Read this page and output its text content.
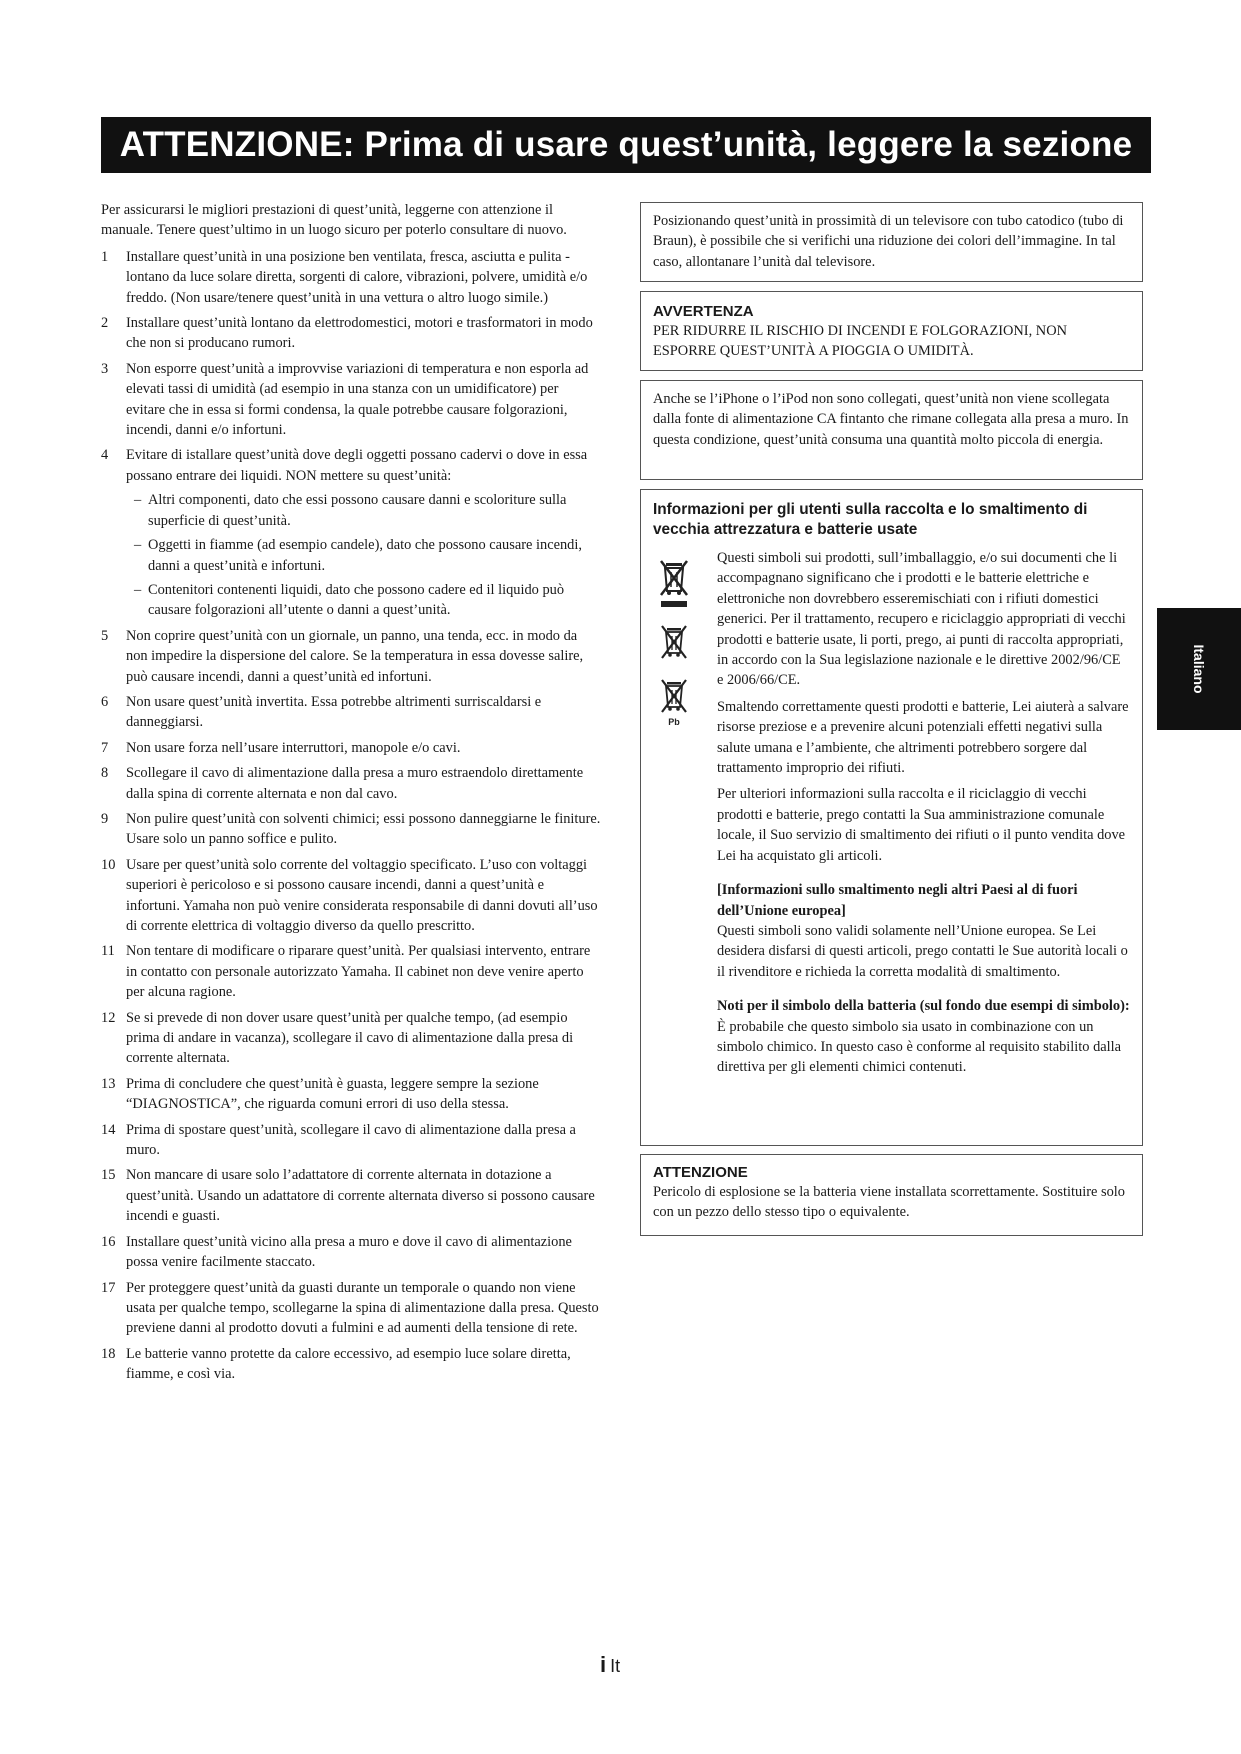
ATTENZIONE: Prima di usare quest’unità, leggere la sezione seguente.
Italiano

Per assicurarsi le migliori prestazioni di quest’unità, leggerne con attenzione il manuale. Tenere quest’ultimo in un luogo sicuro per poterlo consultare di nuovo.

1	Installare quest’unità in una posizione ben ventilata, fresca, asciutta e pulita - lontano da luce solare diretta, sorgenti di calore, vibrazioni, polvere, umidità e/o freddo. (Non usare/tenere quest’unità in una vettura o altro luogo simile.)
2	Installare quest’unità lontano da elettrodomestici, motori e trasformatori in modo che non si producano rumori.
3	Non esporre quest’unità a improvvise variazioni di temperatura e non esporla ad elevati tassi di umidità (ad esempio in una stanza con un umidificatore) per evitare che in essa si formi condensa, la quale potrebbe causare folgorazioni, incendi, danni e/o infortuni.
4	Evitare di istallare quest’unità dove degli oggetti possano cadervi o dove in essa possano entrare dei liquidi. NON mettere su quest’unità:
– Altri componenti, dato che essi possono causare danni e scoloriture sulla superficie di quest’unità.
– Oggetti in fiamme (ad esempio candele), dato che possono causare incendi, danni a quest’unità e infortuni.
– Contenitori contenenti liquidi, dato che possono cadere ed il liquido può causare folgorazioni all’utente o danni a quest’unità.
5	Non coprire quest’unità con un giornale, un panno, una tenda, ecc. in modo da non impedire la dispersione del calore. Se la temperatura in essa dovesse salire, può causare incendi, danni a quest’unità ed infortuni.
6	Non usare quest’unità invertita. Essa potrebbe altrimenti surriscaldarsi e danneggiarsi.
7	Non usare forza nell’usare interruttori, manopole e/o cavi.
8	Scollegare il cavo di alimentazione dalla presa a muro estraendolo direttamente dalla spina di corrente alternata e non dal cavo.
9	Non pulire quest’unità con solventi chimici; essi possono danneggiarne le finiture. Usare solo un panno soffice e pulito.
10 Usare per quest’unità solo corrente del voltaggio specificato. L’uso con voltaggi superiori è pericoloso e si possono causare incendi, danni a quest’unità e infortuni. Yamaha non può venire considerata responsabile di danni dovuti all’uso di corrente elettrica di voltaggio diverso da quello prescritto.
11 Non tentare di modificare o riparare quest’unità. Per qualsiasi intervento, entrare in contatto con personale autorizzato Yamaha. Il cabinet non deve venire aperto per alcuna ragione.
12 Se si prevede di non dover usare quest’unità per qualche tempo, (ad esempio prima di andare in vacanza), scollegare il cavo di alimentazione dalla presa di corrente alternata.
13 Prima di concludere che quest’unità è guasta, leggere sempre la sezione “DIAGNOSTICA”, che riguarda comuni errori di uso della stessa.
14 Prima di spostare quest’unità, scollegare il cavo di alimentazione dalla presa a muro.
15 Non mancare di usare solo l’adattatore di corrente alternata in dotazione a quest’unità. Usando un adattatore di corrente alternata diverso si possono causare incendi e guasti.
16 Installare quest’unità vicino alla presa a muro e dove il cavo di alimentazione possa venire facilmente staccato.
17 Per proteggere quest’unità da guasti durante un temporale o quando non viene usata per qualche tempo, scollegarne la spina di alimentazione dalla presa. Questo previene danni al prodotto dovuti a fulmini e ad aumenti della tensione di rete.
18 Le batterie vanno protette da calore eccessivo, ad esempio luce solare diretta, fiamme, e così via.

Posizionando quest’unità in prossimità di un televisore con tubo catodico (tubo di Braun), è possibile che si verifichi una riduzione dei colori dell’immagine. In tal caso, allontanare l’unità dal televisore.

AVVERTENZA

PER RIDURRE IL RISCHIO DI INCENDI E FOLGORAZIONI, NON ESPORRE QUEST’UNITÀ A PIOGGIA O UMIDITÀ.

Anche se l’iPhone o l’iPod non sono collegati, quest’unità non viene scollegata dalla fonte di alimentazione CA fintanto che rimane collegata alla presa a muro. In questa condizione, quest’unità consuma una quantità molto piccola di energia.

Informazioni per gli utenti sulla raccolta e lo smaltimento di vecchia attrezzatura e batterie usate
Pb

Questi simboli sui prodotti, sull’imballaggio, e/o sui documenti che li accompagnano significano che i prodotti e le batterie elettriche e elettroniche non dovrebbero esseremischiati con i rifiuti domestici generici. Per il trattamento, recupero e riciclaggio appropriati di vecchi prodotti e batterie usate, li porti, prego, ai punti di raccolta appropriati, in accordo con la Sua legislazione nazionale e le direttive 2002/96/CE e 2006/66/CE.

Smaltendo correttamente questi prodotti e batterie, Lei aiuterà a salvare risorse preziose e a prevenire alcuni potenziali effetti negativi sulla salute umana e l’ambiente, che altrimenti potrebbero sorgere dal trattamento improprio dei rifiuti.

Per ulteriori informazioni sulla raccolta e il riciclaggio di vecchi prodotti e batterie, prego contatti la Sua amministrazione comunale locale, il Suo servizio di smaltimento dei rifiuti o il punto vendita dove Lei ha acquistato gli articoli.

[Informazioni sullo smaltimento negli altri Paesi al di fuori dell’Unione europea]

Questi simboli sono validi solamente nell’Unione europea. Se Lei desidera disfarsi di questi articoli, prego contatti le Sue autorità locali o il rivenditore e richieda la corretta modalità di smaltimento.

Noti per il simbolo della batteria (sul fondo due esempi di simbolo):

È probabile che questo simbolo sia usato in combinazione con un simbolo chimico. In questo caso è conforme al requisito stabilito dalla direttiva per gli elementi chimici contenuti.

ATTENZIONE

Pericolo di esplosione se la batteria viene installata scorrettamente. Sostituire solo con un pezzo dello stesso tipo o equivalente.

i It
